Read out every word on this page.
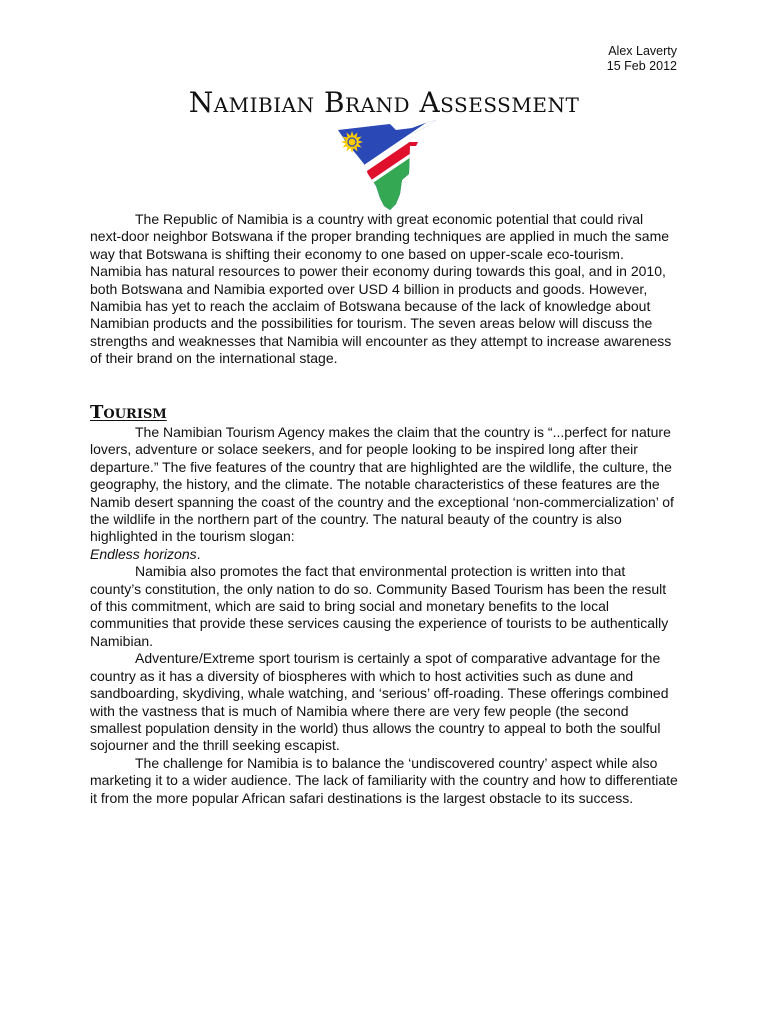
Alex Laverty
15 Feb 2012
Namibian Brand Assessment

The Republic of Namibia is a country with great economic potential that could rival next-door neighbor Botswana if the proper branding techniques are applied in much the same way that Botswana is shifting their economy to one based on upper-scale eco-tourism. Namibia has natural resources to power their economy during towards this goal, and in 2010, both Botswana and Namibia exported over USD 4 billion in products and goods. However, Namibia has yet to reach the acclaim of Botswana because of the lack of knowledge about Namibian products and the possibilities for tourism. The seven areas below will discuss the strengths and weaknesses that Namibia will encounter as they attempt to increase awareness of their brand on the international stage.

Tourism

The Namibian Tourism Agency makes the claim that the country is “...perfect for nature lovers, adventure or solace seekers, and for people looking to be inspired long after their departure.” The five features of the country that are highlighted are the wildlife, the culture, the geography, the history, and the climate. The notable characteristics of these features are the Namib desert spanning the coast of the country and the exceptional ‘non-commercialization’ of the wildlife in the northern part of the country. The natural beauty of the country is also highlighted in the tourism slogan:
Endless horizons.

Namibia also promotes the fact that environmental protection is written into that county’s constitution, the only nation to do so. Community Based Tourism has been the result of this commitment, which are said to bring social and monetary benefits to the local communities that provide these services causing the experience of tourists to be authentically Namibian.

Adventure/Extreme sport tourism is certainly a spot of comparative advantage for the country as it has a diversity of biospheres with which to host activities such as dune and sandboarding, skydiving, whale watching, and ‘serious’ off-roading. These offerings combined with the vastness that is much of Namibia where there are very few people (the second smallest population density in the world) thus allows the country to appeal to both the soulful sojourner and the thrill seeking escapist.

The challenge for Namibia is to balance the ‘undiscovered country’ aspect while also marketing it to a wider audience. The lack of familiarity with the country and how to differentiate it from the more popular African safari destinations is the largest obstacle to its success.
